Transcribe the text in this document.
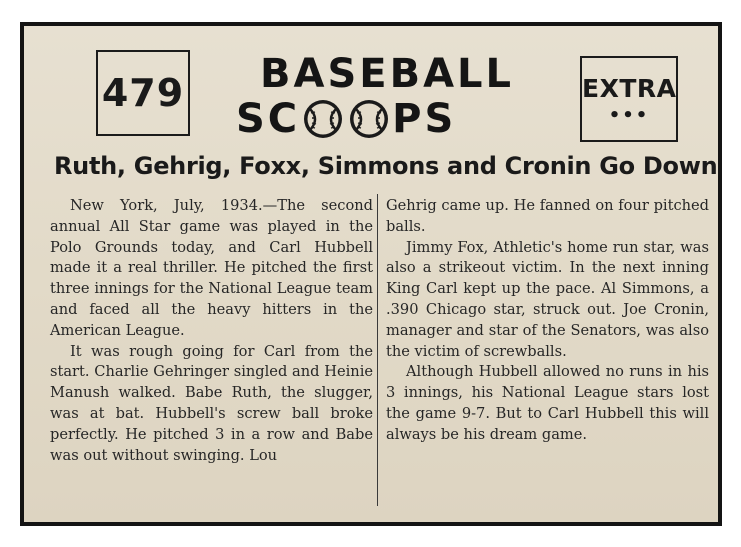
479	BASEBALL
SC PS
EXTRA
•••
Ruth, Gehrig, Foxx, Simmons and Cronin Go Down

New York, July, 1934.—The second annual All Star game was played in the Polo Grounds today, and Carl Hubbell made it a real thriller. He pitched the first three innings for the National League team and faced all the heavy hitters in the American League.

It was rough going for Carl from the start. Charlie Gehringer singled and Heinie Manush walked. Babe Ruth, the slugger, was at bat. Hubbell's screw ball broke perfectly. He pitched 3 in a row and Babe was out without swinging. Lou

Gehrig came up. He fanned on four pitched balls.

Jimmy Fox, Athletic's home run star, was also a strikeout victim. In the next inning King Carl kept up the pace. Al Simmons, a .390 Chicago star, struck out. Joe Cronin, manager and star of the Senators, was also the victim of screwballs.

Although Hubbell allowed no runs in his 3 innings, his National League stars lost the game 9-7. But to Carl Hubbell this will always be his dream game.
